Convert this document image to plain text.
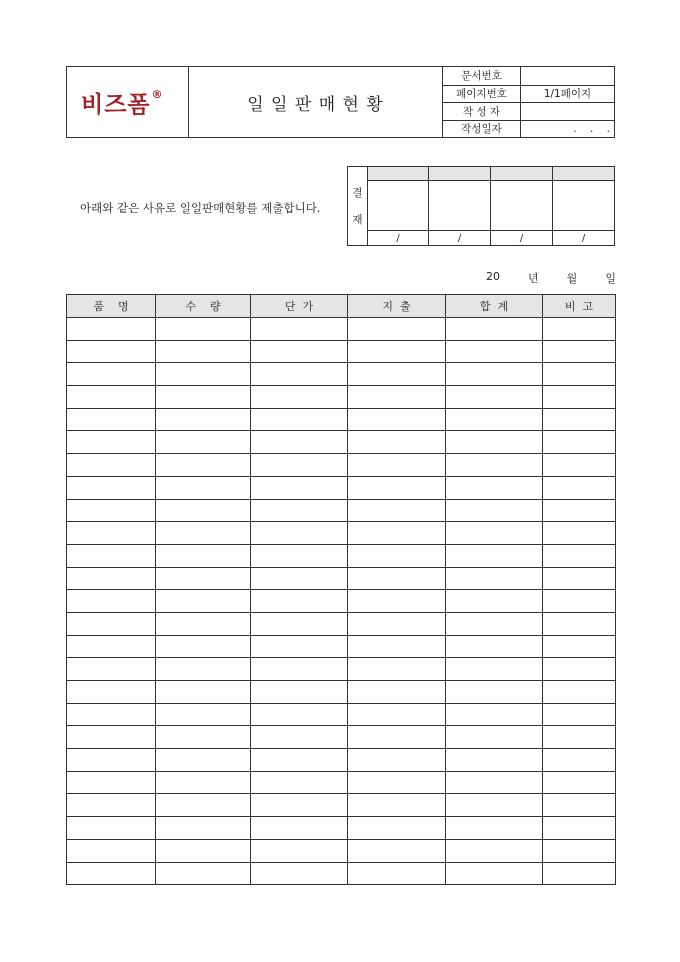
비즈폼®	일 일 판 매 현 황
문서번호
페이지번호	1/1페이지
작 성 자
작성일자	.    .    .
아래와 같은 사유로 일일판매현황를 제출합니다.
결
재
/	/	/	/
20	년	월	일
품    명	수    량	단  가	지  출	합  계	비  고
